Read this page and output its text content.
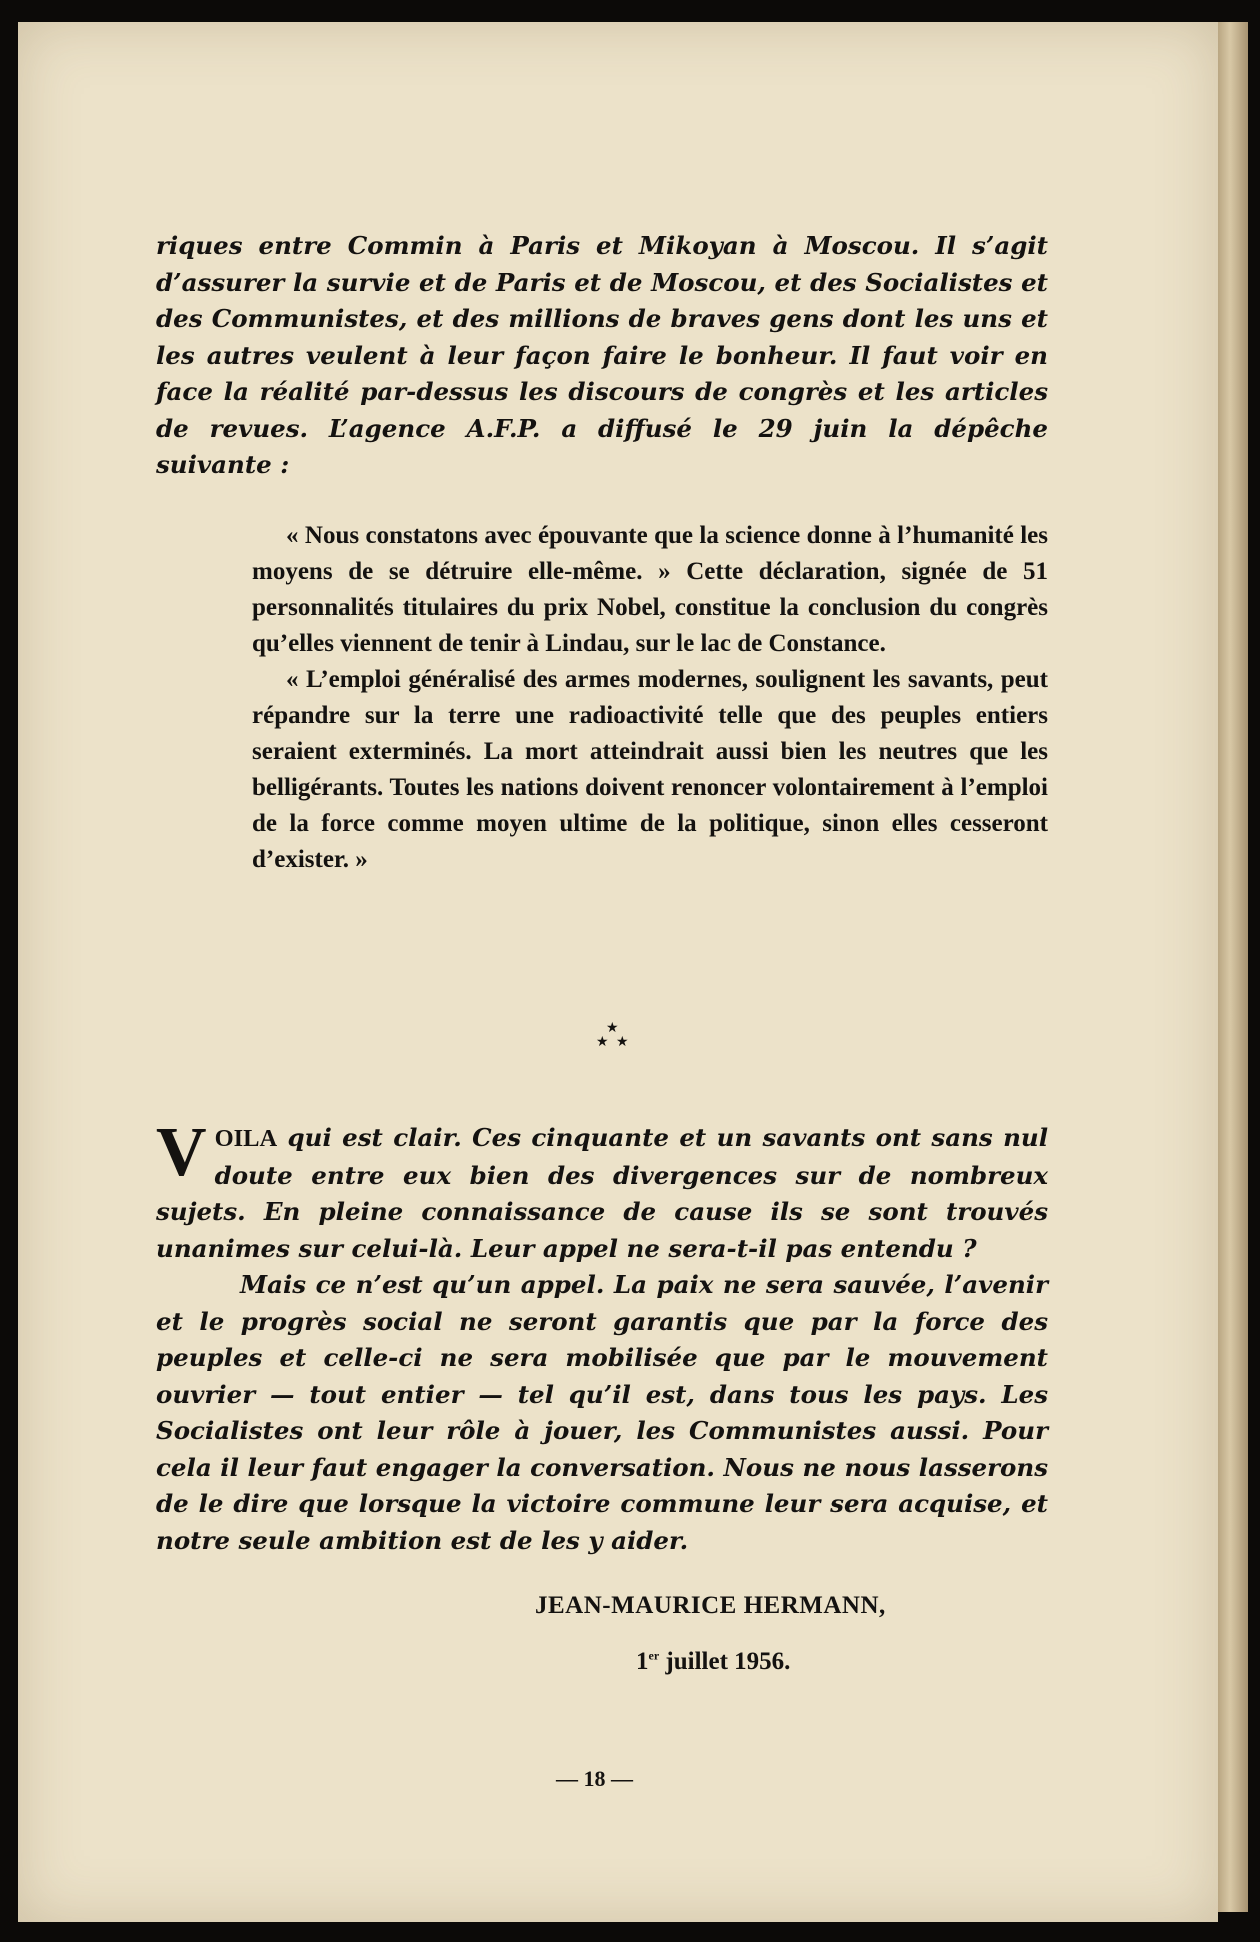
riques entre Commin à Paris et Mikoyan à Moscou. Il s’agit d’assurer la survie et de Paris et de Moscou, et des Socialistes et des Communistes, et des millions de braves gens dont les uns et les autres veulent à leur façon faire le bonheur. Il faut voir en face la réalité par-dessus les discours de congrès et les articles de revues. L’agence A.F.P. a diffusé le 29 juin la dépêche suivante :

« Nous constatons avec épouvante que la science donne à l’humanité les moyens de se détruire elle-même. » Cette déclaration, signée de 51 personnalités titulaires du prix Nobel, constitue la conclusion du congrès qu’elles viennent de tenir à Lindau, sur le lac de Constance.

« L’emploi généralisé des armes modernes, soulignent les savants, peut répandre sur la terre une radioactivité telle que des peuples entiers seraient exterminés. La mort atteindrait aussi bien les neutres que les belligérants. Toutes les nations doivent renoncer volontairement à l’emploi de la force comme moyen ultime de la politique, sinon elles cesseront d’exister. »

★
★ ★

VOILA qui est clair. Ces cinquante et un savants ont sans nul doute entre eux bien des divergences sur de nombreux sujets. En pleine connaissance de cause ils se sont trouvés unanimes sur celui-là. Leur appel ne sera-t-il pas entendu ?

Mais ce n’est qu’un appel. La paix ne sera sauvée, l’avenir et le progrès social ne seront garantis que par la force des peuples et celle-ci ne sera mobilisée que par le mouvement ouvrier — tout entier — tel qu’il est, dans tous les pays. Les Socialistes ont leur rôle à jouer, les Communistes aussi. Pour cela il leur faut engager la conversation. Nous ne nous lasserons de le dire que lorsque la victoire commune leur sera acquise, et notre seule ambition est de les y aider.

JEAN-MAURICE HERMANN,
1er juillet 1956.
— 18 —
